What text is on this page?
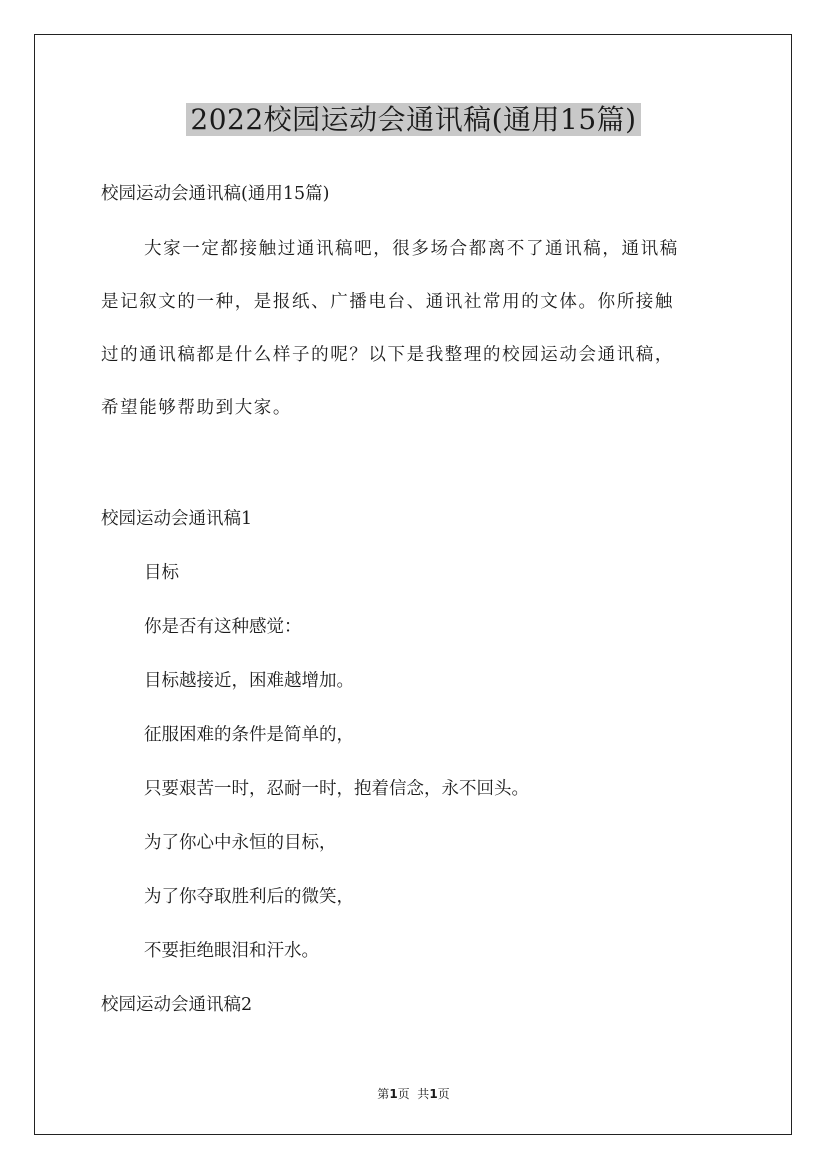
2022校园运动会通讯稿(通用15篇)
校园运动会通讯稿(通用15篇)

大家一定都接触过通讯稿吧，很多场合都离不了通讯稿，通讯稿

是记叙文的一种，是报纸、广播电台、通讯社常用的文体。你所接触

过的通讯稿都是什么样子的呢？以下是我整理的校园运动会通讯稿，

希望能够帮助到大家。

校园运动会通讯稿1
目标
你是否有这种感觉：
目标越接近，困难越增加。
征服困难的条件是简单的，
只要艰苦一时，忍耐一时，抱着信念，永不回头。
为了你心中永恒的目标，
为了你夺取胜利后的微笑，
不要拒绝眼泪和汗水。
校园运动会通讯稿2
第1页  共1页
